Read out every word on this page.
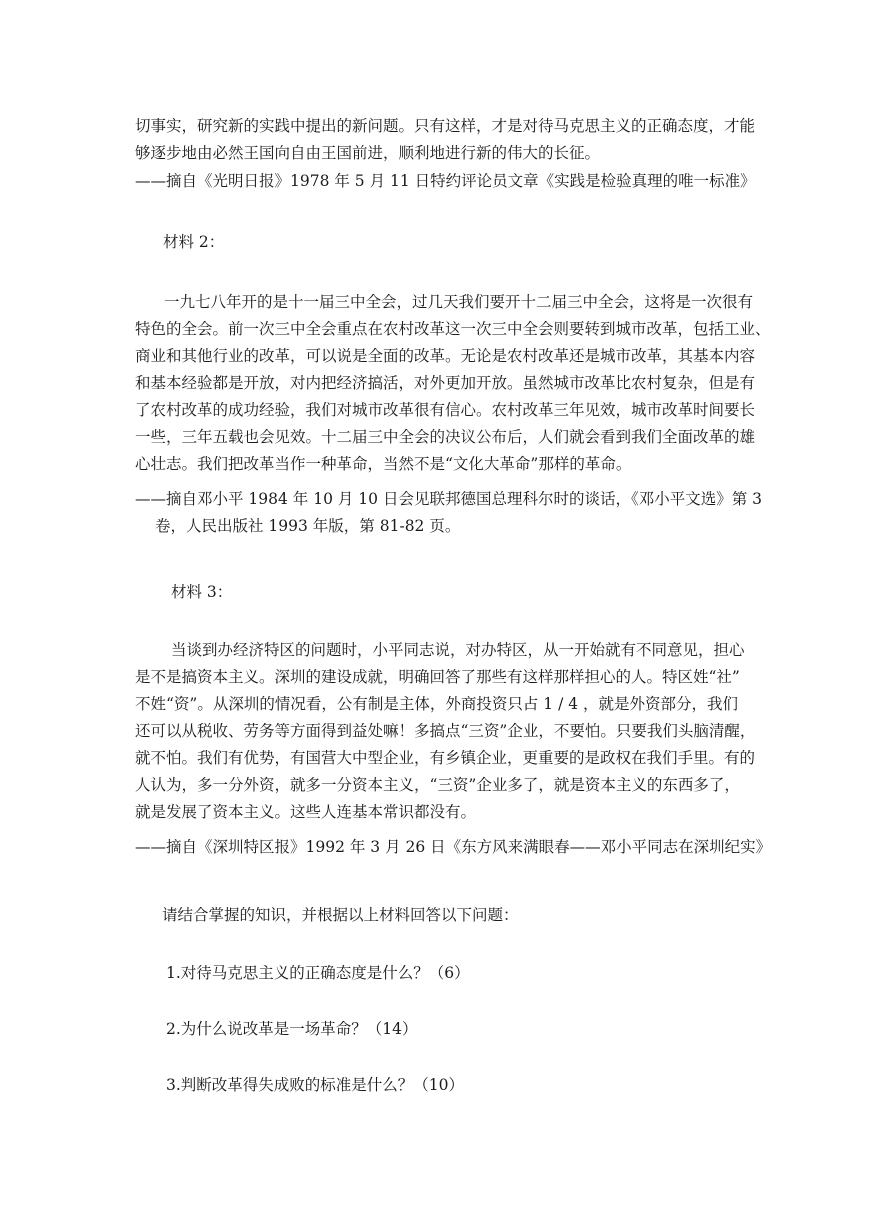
切事实，研究新的实践中提出的新问题。只有这样，才是对待马克思主义的正确态度，才能
够逐步地由必然王国向自由王国前进，顺利地进行新的伟大的长征。
——摘自《光明日报》1978 年 5 月 11 日特约评论员文章《实践是检验真理的唯一标准》
材料 2：
一九七八年开的是十一届三中全会，过几天我们要开十二届三中全会，这将是一次很有
特色的全会。前一次三中全会重点在农村改革这一次三中全会则要转到城市改革，包括工业、
商业和其他行业的改革，可以说是全面的改革。无论是农村改革还是城市改革，其基本内容
和基本经验都是开放，对内把经济搞活，对外更加开放。虽然城市改革比农村复杂，但是有
了农村改革的成功经验，我们对城市改革很有信心。农村改革三年见效，城市改革时间要长
一些，三年五载也会见效。十二届三中全会的决议公布后，人们就会看到我们全面改革的雄
心壮志。我们把改革当作一种革命，当然不是“文化大革命”那样的革命。
——摘自邓小平 1984 年 10 月 10 日会见联邦德国总理科尔时的谈话，《邓小平文选》第 3
卷，人民出版社 1993 年版，第 81-82 页。
材料 3：
当谈到办经济特区的问题时，小平同志说，对办特区，从一开始就有不同意见，担心
是不是搞资本主义。深圳的建设成就，明确回答了那些有这样那样担心的人。特区姓“社”
不姓“资”。从深圳的情况看，公有制是主体，外商投资只占 1 / 4 ，就是外资部分，我们
还可以从税收、劳务等方面得到益处嘛！多搞点“三资”企业，不要怕。只要我们头脑清醒，
就不怕。我们有优势，有国营大中型企业，有乡镇企业，更重要的是政权在我们手里。有的
人认为，多一分外资，就多一分资本主义，“三资”企业多了，就是资本主义的东西多了，
就是发展了资本主义。这些人连基本常识都没有。
——摘自《深圳特区报》1992 年 3 月 26 日《东方风来满眼春——邓小平同志在深圳纪实》
请结合掌握的知识，并根据以上材料回答以下问题：
1.对待马克思主义的正确态度是什么？（6）
2.为什么说改革是一场革命？（14）
3.判断改革得失成败的标准是什么？（10）
